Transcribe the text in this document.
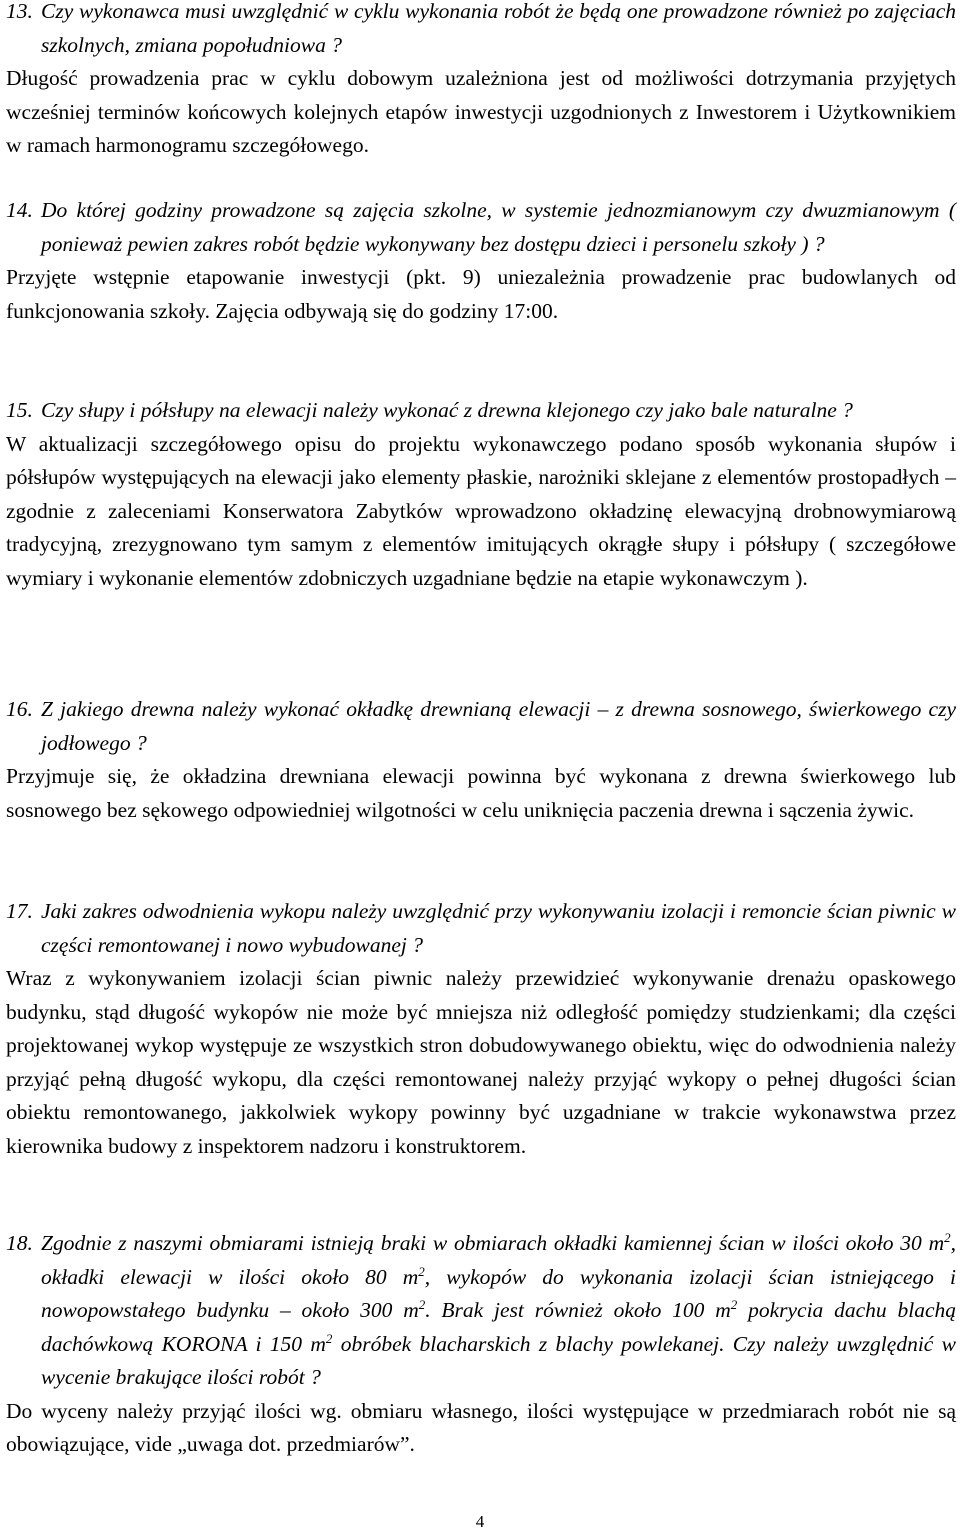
13. Czy wykonawca musi uwzględnić w cyklu wykonania robót że będą one prowadzone również po zajęciach szkolnych, zmiana popołudniowa ?

Długość prowadzenia prac w cyklu dobowym uzależniona jest od możliwości dotrzymania przyjętych wcześniej terminów końcowych kolejnych etapów inwestycji uzgodnionych z Inwestorem i Użytkownikiem w ramach harmonogramu szczegółowego.

14. Do której godziny prowadzone są zajęcia szkolne, w systemie jednozmianowym czy dwuzmianowym ( ponieważ pewien zakres robót będzie wykonywany bez dostępu dzieci i personelu szkoły ) ?

Przyjęte wstępnie etapowanie inwestycji (pkt. 9) uniezależnia prowadzenie prac budowlanych od funkcjonowania szkoły. Zajęcia odbywają się do godziny 17:00.

15. Czy słupy i półsłupy na elewacji należy wykonać z drewna klejonego czy jako bale naturalne ?

W aktualizacji szczegółowego opisu do projektu wykonawczego podano sposób wykonania słupów i półsłupów występujących na elewacji jako elementy płaskie, narożniki sklejane z elementów prostopadłych – zgodnie z zaleceniami Konserwatora Zabytków wprowadzono okładzinę elewacyjną drobnowymiarową tradycyjną, zrezygnowano tym samym z elementów imitujących okrągłe słupy i półsłupy ( szczegółowe wymiary i wykonanie elementów zdobniczych uzgadniane będzie na etapie wykonawczym ).

16. Z jakiego drewna należy wykonać okładkę drewnianą elewacji – z drewna sosnowego, świerkowego czy jodłowego ?

Przyjmuje się, że okładzina drewniana elewacji powinna być wykonana z drewna świerkowego lub sosnowego bez sękowego odpowiedniej wilgotności w celu uniknięcia paczenia drewna i sączenia żywic.

17. Jaki zakres odwodnienia wykopu należy uwzględnić przy wykonywaniu izolacji i remoncie ścian piwnic w części remontowanej i nowo wybudowanej ?

Wraz z wykonywaniem izolacji ścian piwnic należy przewidzieć wykonywanie drenażu opaskowego budynku, stąd długość wykopów nie może być mniejsza niż odległość pomiędzy studzienkami; dla części projektowanej wykop występuje ze wszystkich stron dobudowywanego obiektu, więc do odwodnienia należy przyjąć pełną długość wykopu, dla części remontowanej należy przyjąć wykopy o pełnej długości ścian obiektu remontowanego, jakkolwiek wykopy powinny być uzgadniane w trakcie wykonawstwa przez kierownika budowy z inspektorem nadzoru i konstruktorem.

18. Zgodnie z naszymi obmiarami istnieją braki w obmiarach okładki kamiennej ścian w ilości około 30 $m^2$, okładki elewacji w ilości około 80 $m^2$, wykopów do wykonania izolacji ścian istniejącego i nowopowstałego budynku – około 300 $m^2$. Brak jest również około 100 $m^2$ pokrycia dachu blachą dachówkową KORONA i 150 $m^2$ obróbek blacharskich z blachy powlekanej. Czy należy uwzględnić w wycenie brakujące ilości robót ?

Do wyceny należy przyjąć ilości wg. obmiaru własnego, ilości występujące w przedmiarach robót nie są obowiązujące, vide „uwaga dot. przedmiarów”.

4
